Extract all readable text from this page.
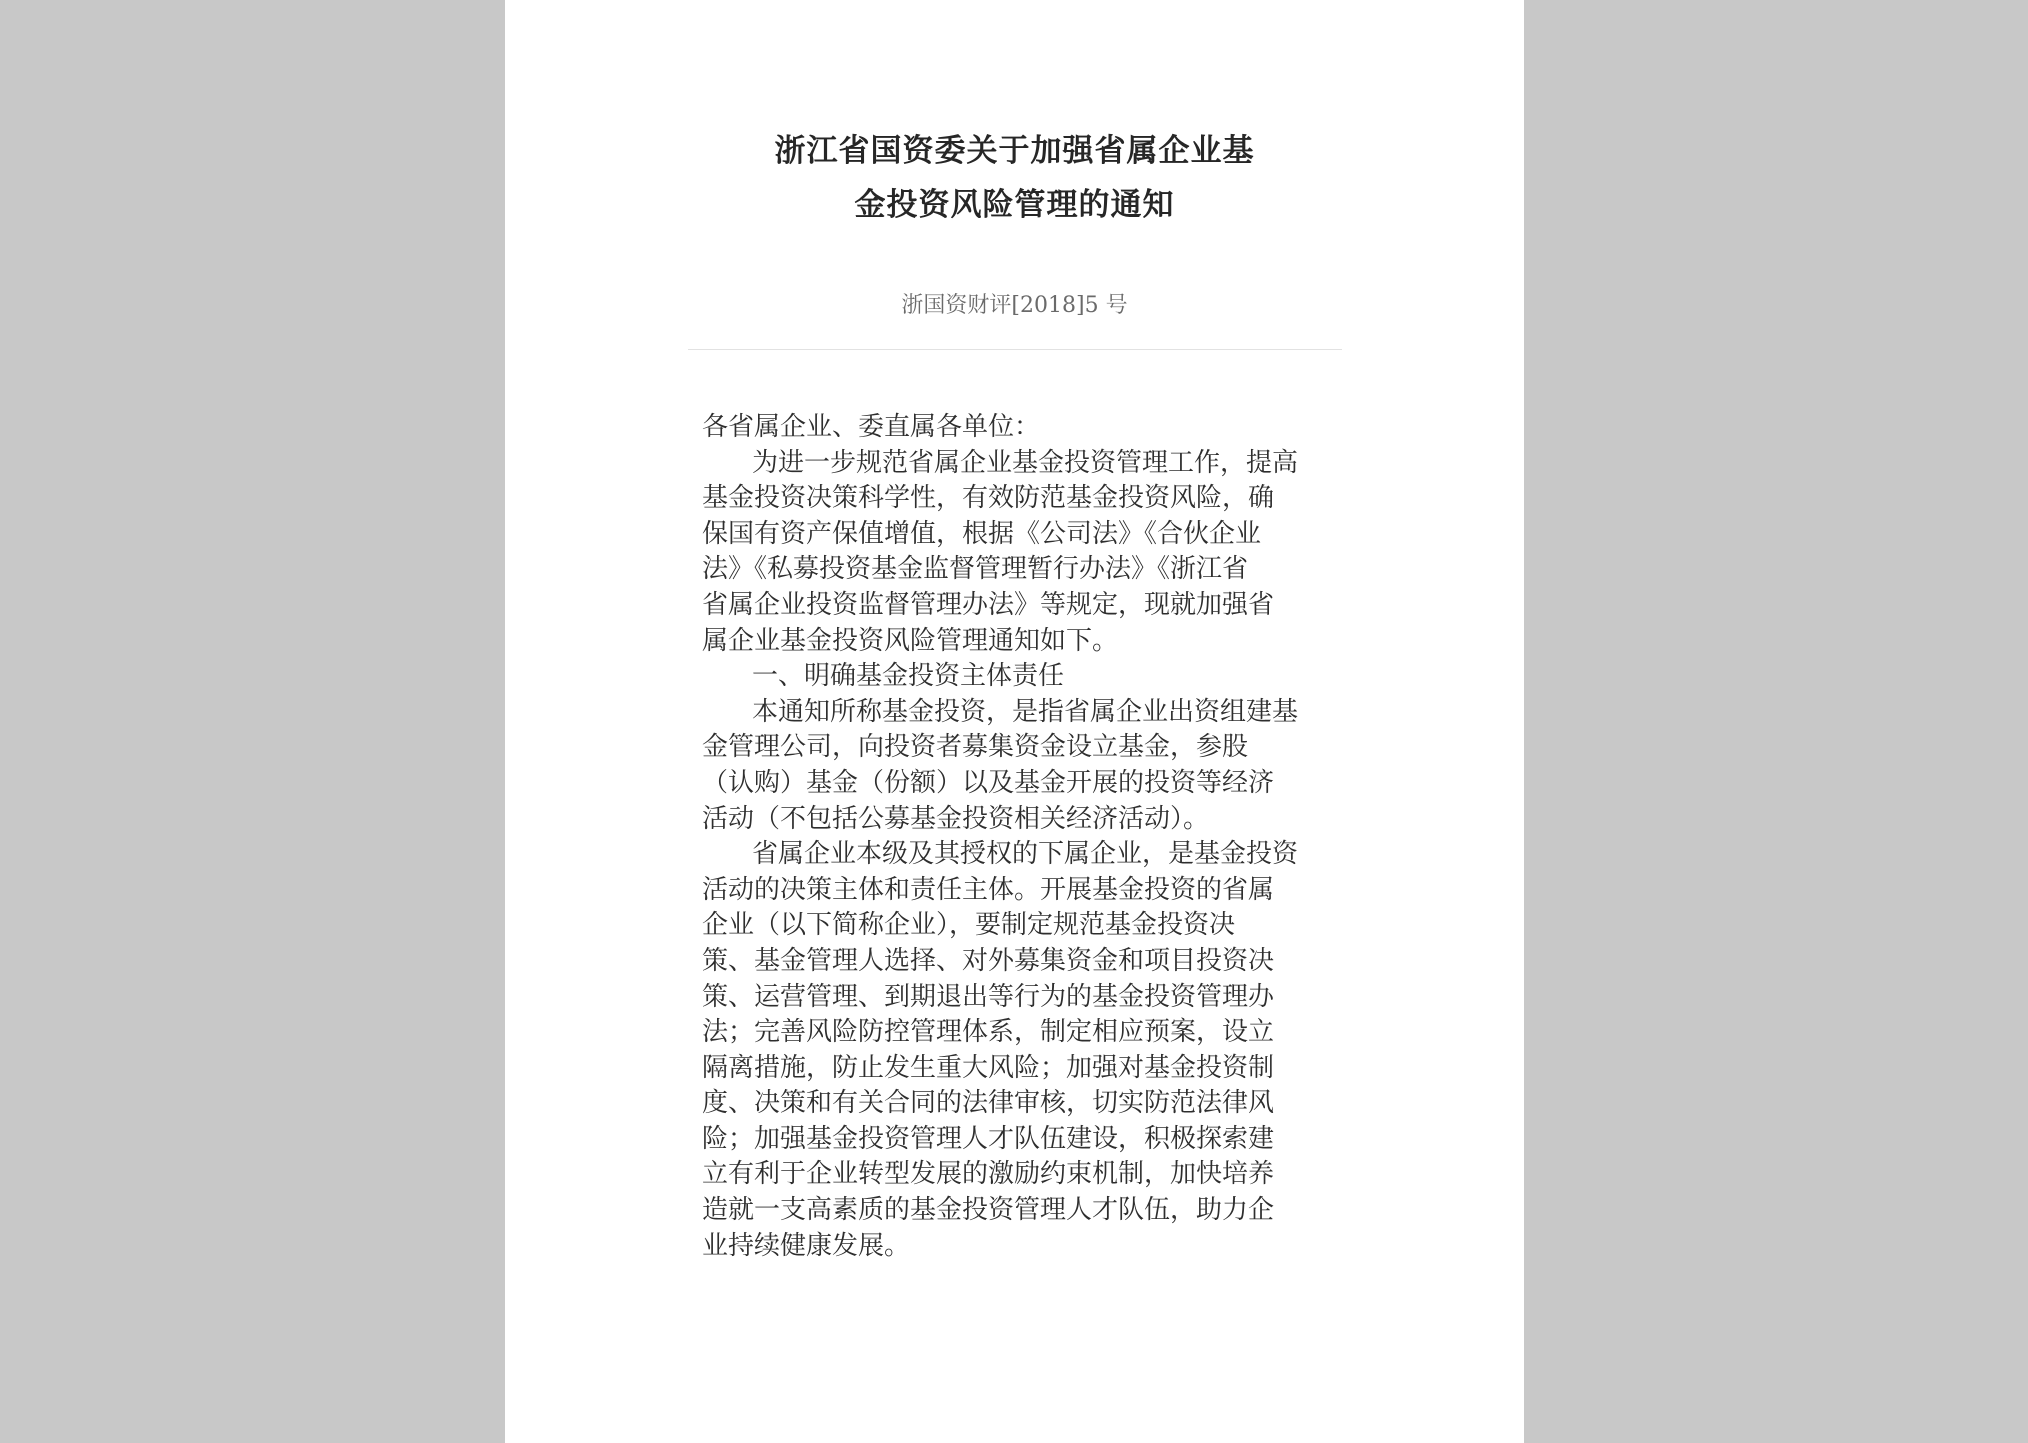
浙江省国资委关于加强省属企业基
金投资风险管理的通知
浙国资财评[2018]5 号
各省属企业、委直属各单位：
为进一步规范省属企业基金投资管理工作，提高
基金投资决策科学性，有效防范基金投资风险，确
保国有资产保值增值，根据《公司法》《合伙企业
法》《私募投资基金监督管理暂行办法》《浙江省
省属企业投资监督管理办法》等规定，现就加强省
属企业基金投资风险管理通知如下。
一、明确基金投资主体责任
本通知所称基金投资，是指省属企业出资组建基
金管理公司，向投资者募集资金设立基金，参股
（认购）基金（份额）以及基金开展的投资等经济
活动（不包括公募基金投资相关经济活动）。
省属企业本级及其授权的下属企业，是基金投资
活动的决策主体和责任主体。开展基金投资的省属
企业（以下简称企业），要制定规范基金投资决
策、基金管理人选择、对外募集资金和项目投资决
策、运营管理、到期退出等行为的基金投资管理办
法；完善风险防控管理体系，制定相应预案，设立
隔离措施，防止发生重大风险；加强对基金投资制
度、决策和有关合同的法律审核，切实防范法律风
险；加强基金投资管理人才队伍建设，积极探索建
立有利于企业转型发展的激励约束机制，加快培养
造就一支高素质的基金投资管理人才队伍，助力企
业持续健康发展。
